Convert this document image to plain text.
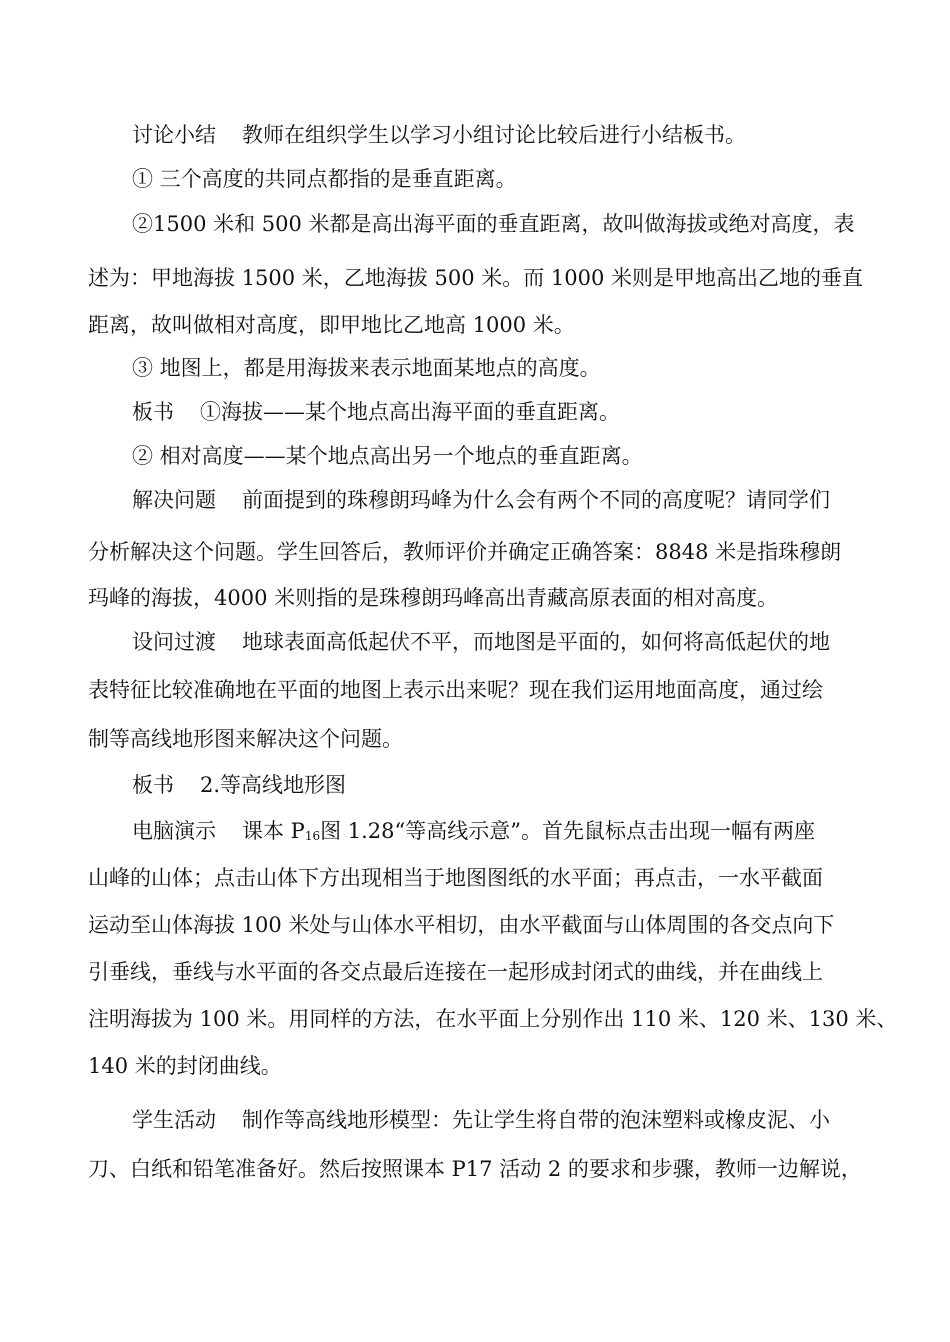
讨论小结 教师在组织学生以学习小组讨论比较后进行小结板书。
① 三个高度的共同点都指的是垂直距离。
②1500 米和 500 米都是高出海平面的垂直距离，故叫做海拔或绝对高度，表
述为：甲地海拔 1500 米，乙地海拔 500 米。而 1000 米则是甲地高出乙地的垂直
距离，故叫做相对高度，即甲地比乙地高 1000 米。
③ 地图上，都是用海拔来表示地面某地点的高度。
板书 ①海拔——某个地点高出海平面的垂直距离。
② 相对高度——某个地点高出另一个地点的垂直距离。
解决问题 前面提到的珠穆朗玛峰为什么会有两个不同的高度呢？请同学们
分析解决这个问题。学生回答后，教师评价并确定正确答案：8848 米是指珠穆朗
玛峰的海拔，4000 米则指的是珠穆朗玛峰高出青藏高原表面的相对高度。
设问过渡 地球表面高低起伏不平，而地图是平面的，如何将高低起伏的地
表特征比较准确地在平面的地图上表示出来呢？现在我们运用地面高度，通过绘
制等高线地形图来解决这个问题。
板书 2.等高线地形图
电脑演示 课本 $P_{16}$图 1.28“等高线示意”。首先鼠标点击出现一幅有两座
山峰的山体；点击山体下方出现相当于地图图纸的水平面；再点击，一水平截面
运动至山体海拔 100 米处与山体水平相切，由水平截面与山体周围的各交点向下
引垂线，垂线与水平面的各交点最后连接在一起形成封闭式的曲线，并在曲线上
注明海拔为 100 米。用同样的方法，在水平面上分别作出 110 米、120 米、130 米、
140 米的封闭曲线。
学生活动 制作等高线地形模型：先让学生将自带的泡沫塑料或橡皮泥、小
刀、白纸和铅笔准备好。然后按照课本 P17 活动 2 的要求和步骤，教师一边解说，
